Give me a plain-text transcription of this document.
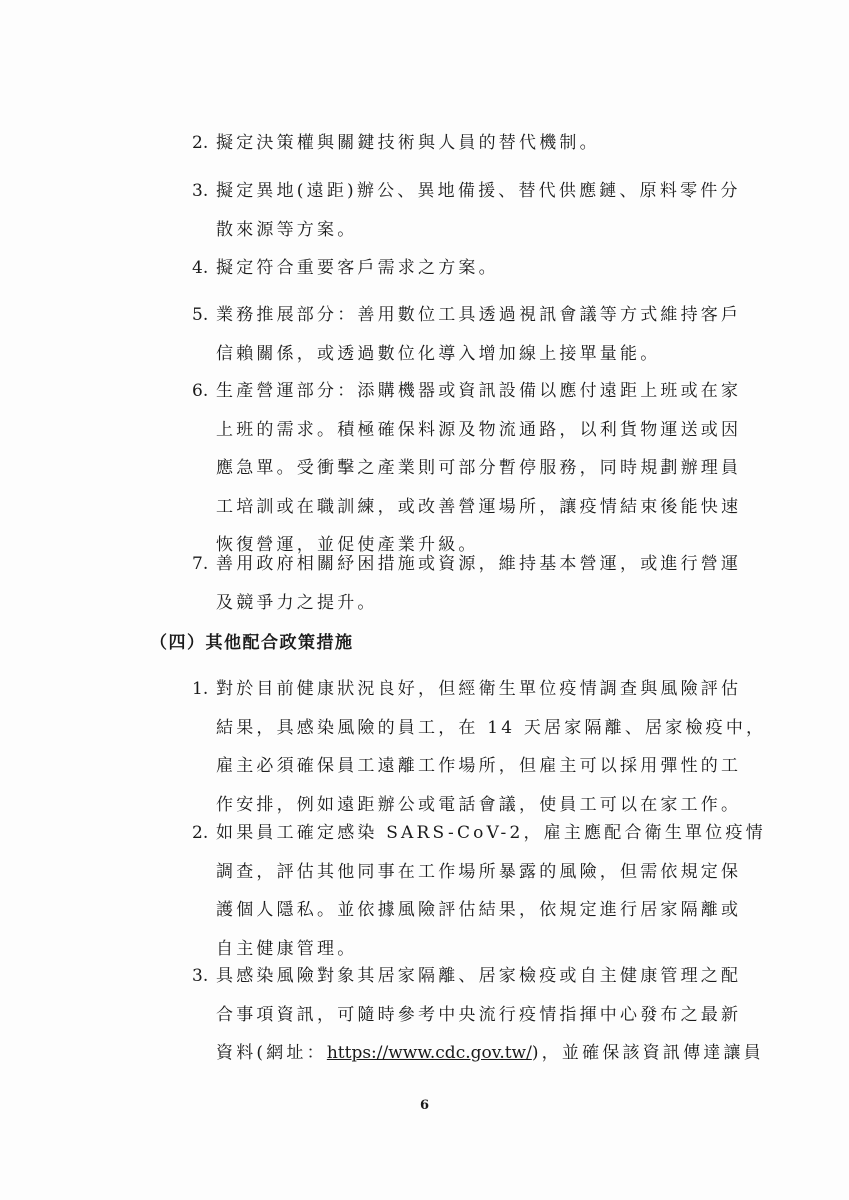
2. 擬定決策權與關鍵技術與人員的替代機制。
3. 擬定異地(遠距)辦公、異地備援、替代供應鏈、原料零件分
散來源等方案。
4. 擬定符合重要客戶需求之方案。
5. 業務推展部分：善用數位工具透過視訊會議等方式維持客戶
信賴關係，或透過數位化導入增加線上接單量能。
6. 生產營運部分：添購機器或資訊設備以應付遠距上班或在家
上班的需求。積極確保料源及物流通路，以利貨物運送或因
應急單。受衝擊之產業則可部分暫停服務，同時規劃辦理員
工培訓或在職訓練，或改善營運場所，讓疫情結束後能快速
恢復營運，並促使產業升級。
7. 善用政府相關紓困措施或資源，維持基本營運，或進行營運
及競爭力之提升。
（四）其他配合政策措施
1. 對於目前健康狀況良好，但經衛生單位疫情調查與風險評估
結果，具感染風險的員工，在 14 天居家隔離、居家檢疫中，
雇主必須確保員工遠離工作場所，但雇主可以採用彈性的工
作安排，例如遠距辦公或電話會議，使員工可以在家工作。
2. 如果員工確定感染 SARS-CoV-2，雇主應配合衛生單位疫情
調查，評估其他同事在工作場所暴露的風險，但需依規定保
護個人隱私。並依據風險評估結果，依規定進行居家隔離或
自主健康管理。
3. 具感染風險對象其居家隔離、居家檢疫或自主健康管理之配
合事項資訊，可隨時參考中央流行疫情指揮中心發布之最新
資料(網址：https://www.cdc.gov.tw/)，並確保該資訊傳達讓員
6
